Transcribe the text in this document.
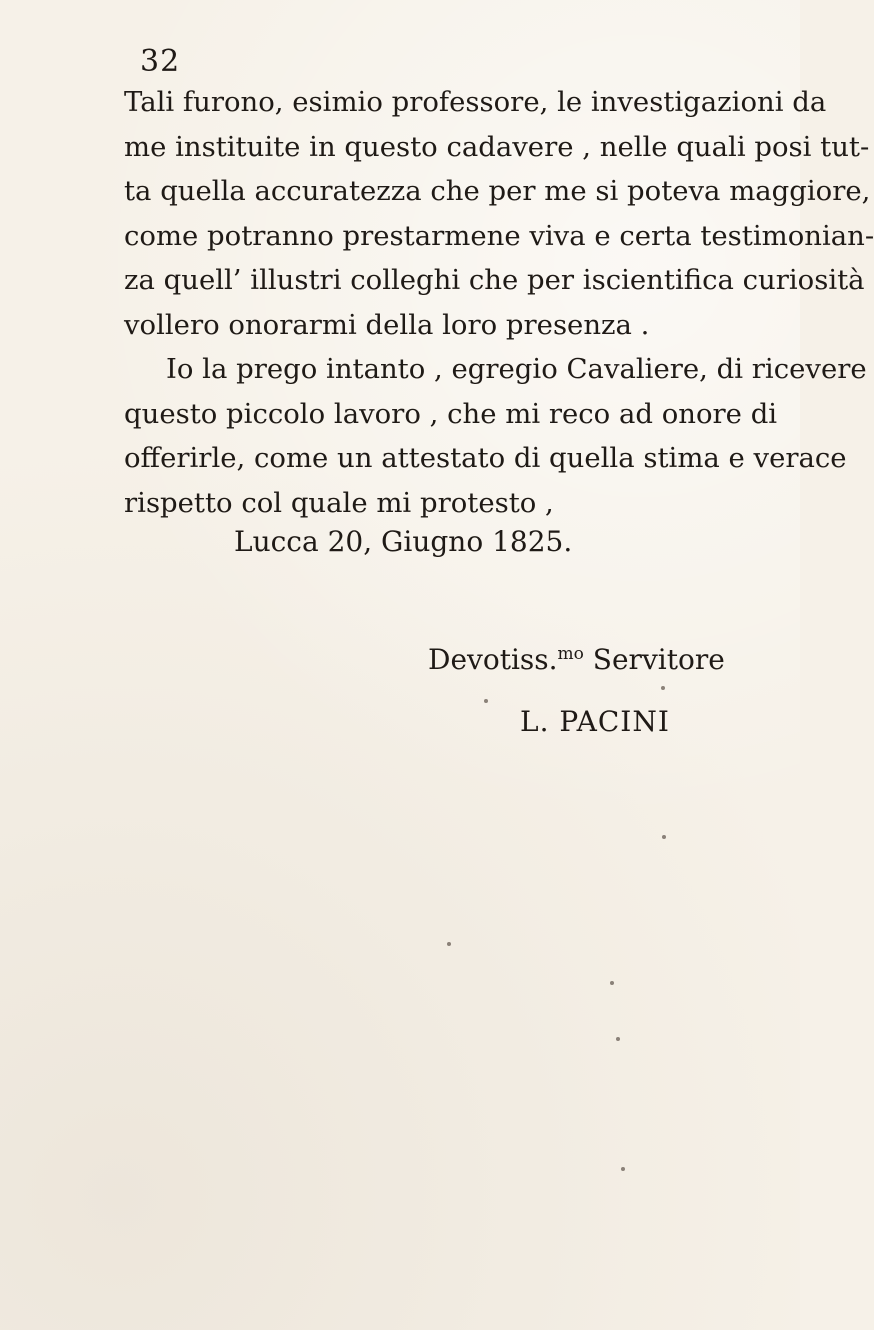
32
Tali furono, esimio professore, le investigazioni da
me instituite in questo cadavere , nelle quali posi tut-
ta quella accuratezza che per me si poteva maggiore,
come potranno prestarmene viva e certa testimonian-
za quell’ illustri colleghi che per iscientifica curiosità
vollero onorarmi della loro presenza .
Io la prego intanto , egregio Cavaliere, di ricevere
questo piccolo lavoro , che mi reco ad onore di
offerirle, come un attestato di quella stima e verace
rispetto col quale mi protesto ,
Lucca 20, Giugno 1825.
Devotiss.$^{mo}$ Servitore
L. PACINI
